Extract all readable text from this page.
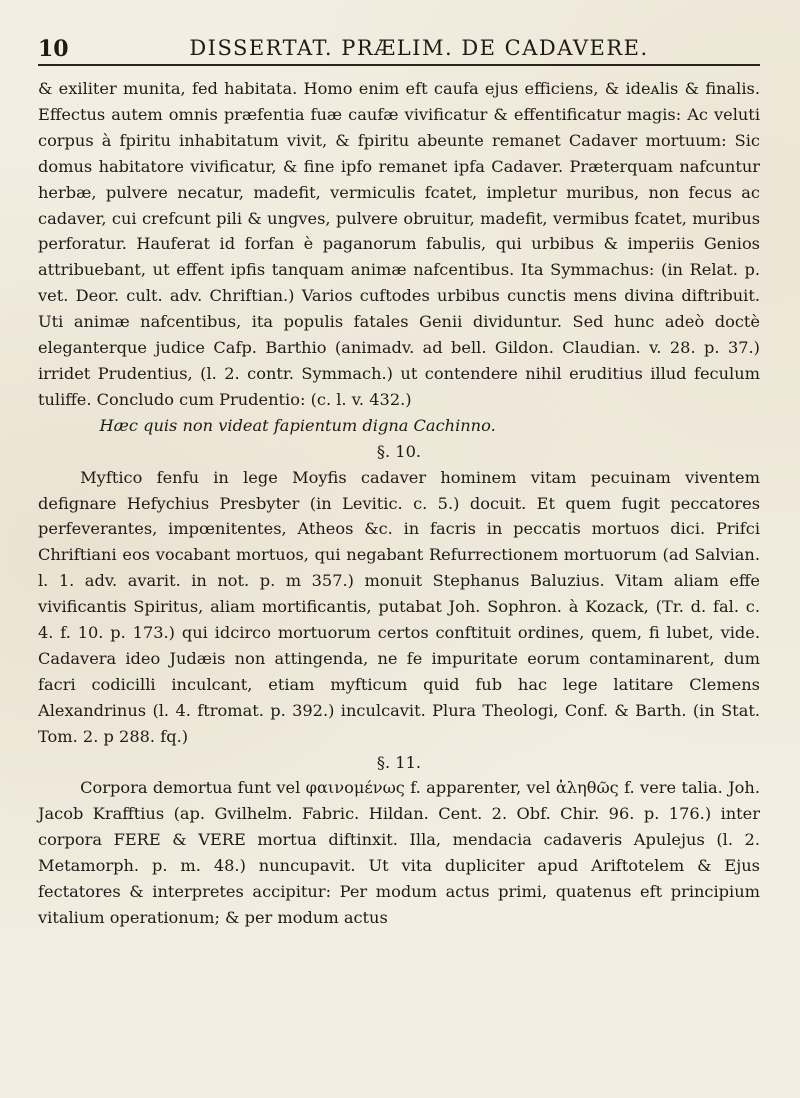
10	DISSERTAT. PRÆLIM. DE CADAVERE.

& exiliter munita, fed habitata. Homo enim eft caufa ejus efficiens, & ideᴀlis & finalis. Effectus autem omnis præfentia fuæ caufæ vivificatur & effentificatur magis: Ac veluti corpus à fpiritu inhabitatum vivit, & fpiritu abeunte remanet Cadaver mortuum: Sic domus habitatore vivificatur, & fine ipfo remanet ipfa Cadaver. Præterquam nafcuntur herbæ, pulvere necatur, madefit, vermiculis fcatet, impletur muribus, non fecus ac cadaver, cui crefcunt pili & ungves, pulvere obruitur, madefit, vermibus fcatet, muribus perforatur. Hauferat id forfan è paganorum fabulis, qui urbibus & imperiis Genios attribuebant, ut effent ipfis tanquam animæ nafcentibus. Ita Symmachus: (in Relat. p. vet. Deor. cult. adv. Chriftian.) Varios cuftodes urbibus cunctis mens divina diftribuit. Uti animæ nafcentibus, ita populis fatales Genii dividuntur. Sed hunc adeò doctè eleganterque judice Cafp. Barthio (animadv. ad bell. Gildon. Claudian. v. 28. p. 37.) irridet Prudentius, (l. 2. contr. Symmach.) ut contendere nihil eruditius illud feculum tuliffe. Concludo cum Prudentio: (c. l. v. 432.)

Hæc quis non videat fapientum digna Cachinno.

§. 10.

Myftico fenfu in lege Moyfis cadaver hominem vitam pecuinam viventem defignare Hefychius Presbyter (in Levitic. c. 5.) docuit. Et quem fugit peccatores perfeverantes, impœnitentes, Atheos &c. in facris in peccatis mortuos dici. Prifci Chriftiani eos vocabant mortuos, qui negabant Refurrectionem mortuorum (ad Salvian. l. 1. adv. avarit. in not. p. m 357.) monuit Stephanus Baluzius. Vitam aliam effe vivificantis Spiritus, aliam mortificantis, putabat Joh. Sophron. à Kozack, (Tr. d. fal. c. 4. f. 10. p. 173.) qui idcirco mortuorum certos conftituit ordines, quem, fi lubet, vide. Cadavera ideo Judæis non attingenda, ne fe impuritate eorum contaminarent, dum facri codicilli inculcant, etiam myfticum quid fub hac lege latitare Clemens Alexandrinus (l. 4. ftromat. p. 392.) inculcavit. Plura Theologi, Conf. & Barth. (in Stat. Tom. 2. p 288. fq.)

§. 11.

Corpora demortua funt vel φαινομένως f. apparenter, vel ἀληθῶς f. vere talia. Joh. Jacob Krafftius (ap. Gvilhelm. Fabric. Hildan. Cent. 2. Obf. Chir. 96. p. 176.) inter corpora FERE & VERE mortua diftinxit. Illa, mendacia cadaveris Apulejus (l. 2. Metamorph. p. m. 48.) nuncupavit. Ut vita dupliciter apud Ariftotelem & Ejus fectatores & interpretes accipitur: Per modum actus primi, quatenus eft principium vitalium operationum; & per modum actus
